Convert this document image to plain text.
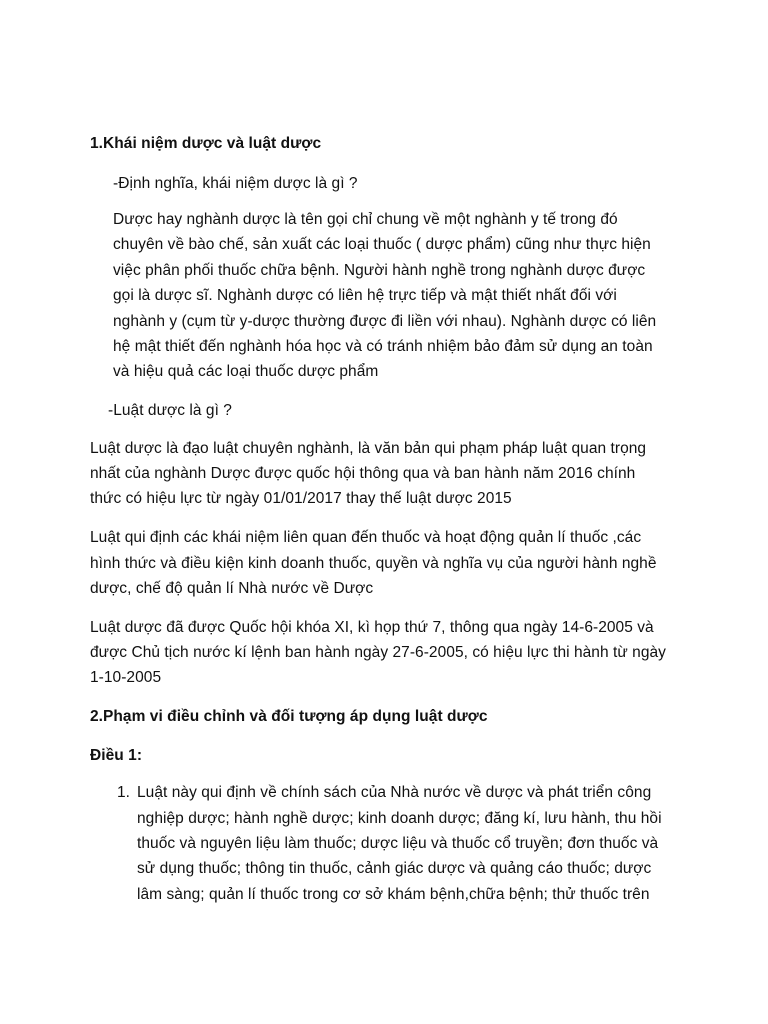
1.Khái niệm dược và luật dược
-Định nghĩa, khái niệm dược là gì ?
Dược hay nghành dược là tên gọi chỉ chung về một nghành y tế trong đó
chuyên về bào chế, sản xuất các loại thuốc ( dược phẩm) cũng như thực hiện
việc phân phối thuốc chữa bệnh. Người hành nghề trong nghành dược được
gọi là dược sĩ. Nghành dược có liên hệ trực tiếp và mật thiết nhất đối với
nghành y (cụm từ y-dược thường được đi liền với nhau). Nghành dược có liên
hệ mật thiết đến nghành hóa học và có tránh nhiệm bảo đảm sử dụng an toàn
và hiệu quả các loại thuốc dược phẩm
-Luật dược là gì ?
Luật dược là đạo luật chuyên nghành, là văn bản qui phạm pháp luật quan trọng
nhất của nghành Dược được quốc hội thông qua và ban hành năm 2016 chính
thức có hiệu lực từ ngày 01/01/2017 thay thế luật dược 2015
Luật qui định các khái niệm liên quan đến thuốc và hoạt động quản lí thuốc ,các
hình thức và điều kiện kinh doanh thuốc, quyền và nghĩa vụ của người hành nghề
dược, chế độ quản lí Nhà nước về Dược
Luật dược đã được Quốc hội khóa XI, kì họp thứ 7, thông qua ngày 14-6-2005 và
được Chủ tịch nước kí lệnh ban hành ngày 27-6-2005, có hiệu lực thi hành từ ngày
1-10-2005
2.Phạm vi điều chỉnh và đối tượng áp dụng luật dược
Điều 1:
1. Luật này qui định về chính sách của Nhà nước về dược và phát triển công
nghiệp dược; hành nghề dược; kinh doanh dược; đăng kí, lưu hành, thu hồi
thuốc và nguyên liệu làm thuốc; dược liệu và thuốc cổ truyền; đơn thuốc và
sử dụng thuốc; thông tin thuốc, cảnh giác dược và quảng cáo thuốc; dược
lâm sàng; quản lí thuốc trong cơ sở khám bệnh,chữa bệnh; thử thuốc trên
